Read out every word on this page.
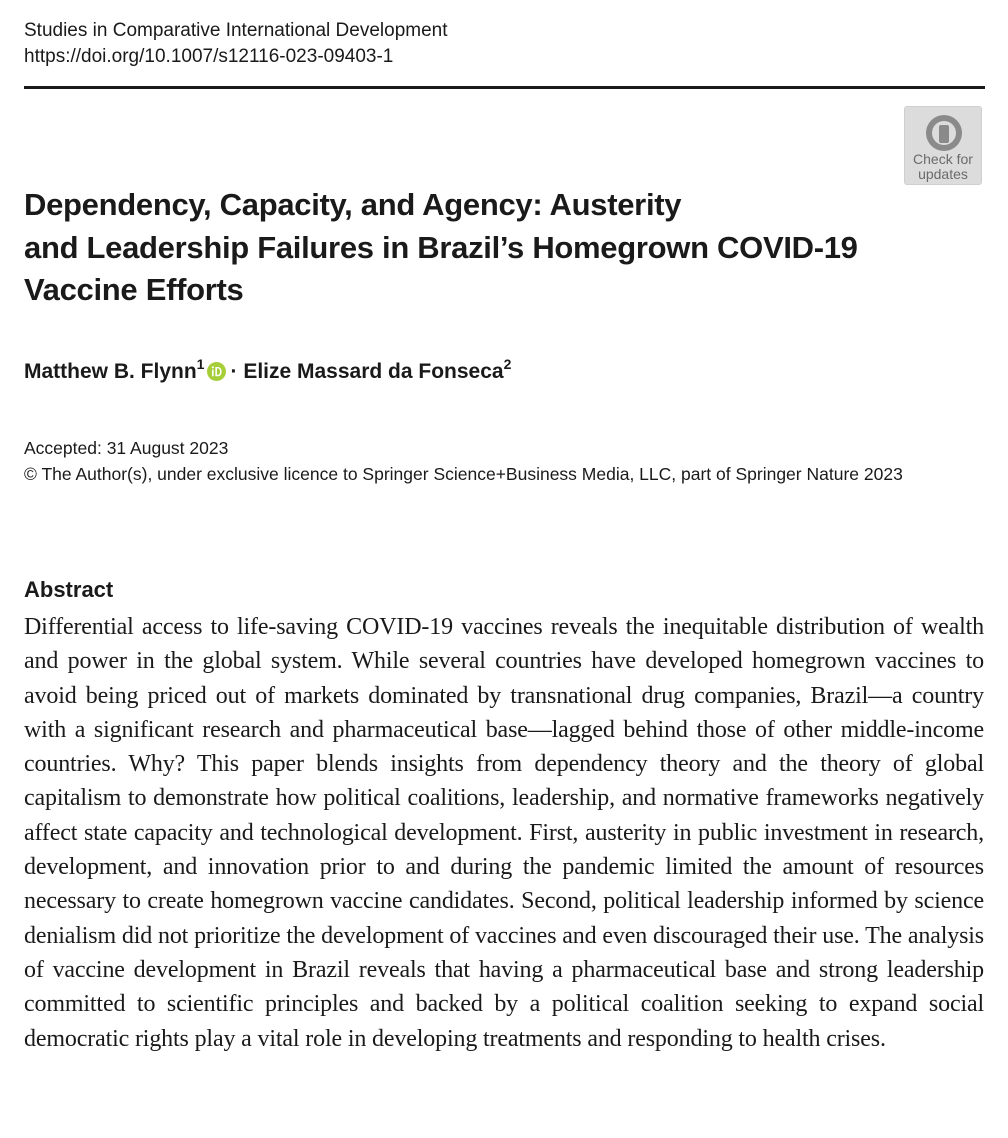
Studies in Comparative International Development
https://doi.org/10.1007/s12116-023-09403-1
Check for
updates
Dependency, Capacity, and Agency: Austerity
and Leadership Failures in Brazil’s Homegrown COVID-19
Vaccine Efforts
Matthew B. Flynn$^1$ · Elize Massard da Fonseca$^2$
Accepted: 31 August 2023
© The Author(s), under exclusive licence to Springer Science+Business Media, LLC, part of Springer Nature 2023
Abstract

Differential access to life-saving COVID-19 vaccines reveals the inequitable distribution of wealth and power in the global system. While several countries have developed homegrown vaccines to avoid being priced out of markets dominated by transnational drug companies, Brazil—a country with a significant research and pharmaceutical base—lagged behind those of other middle-income countries. Why? This paper blends insights from dependency theory and the theory of global capitalism to demonstrate how political coalitions, leadership, and normative frameworks negatively affect state capacity and technological development. First, austerity in public investment in research, development, and innovation prior to and during the pandemic limited the amount of resources necessary to create homegrown vaccine candidates. Second, political leadership informed by science denialism did not prioritize the development of vaccines and even discouraged their use. The analysis of vaccine development in Brazil reveals that having a pharmaceutical base and strong leadership committed to scientific principles and backed by a political coalition seeking to expand social democratic rights play a vital role in developing treatments and responding to health crises.
